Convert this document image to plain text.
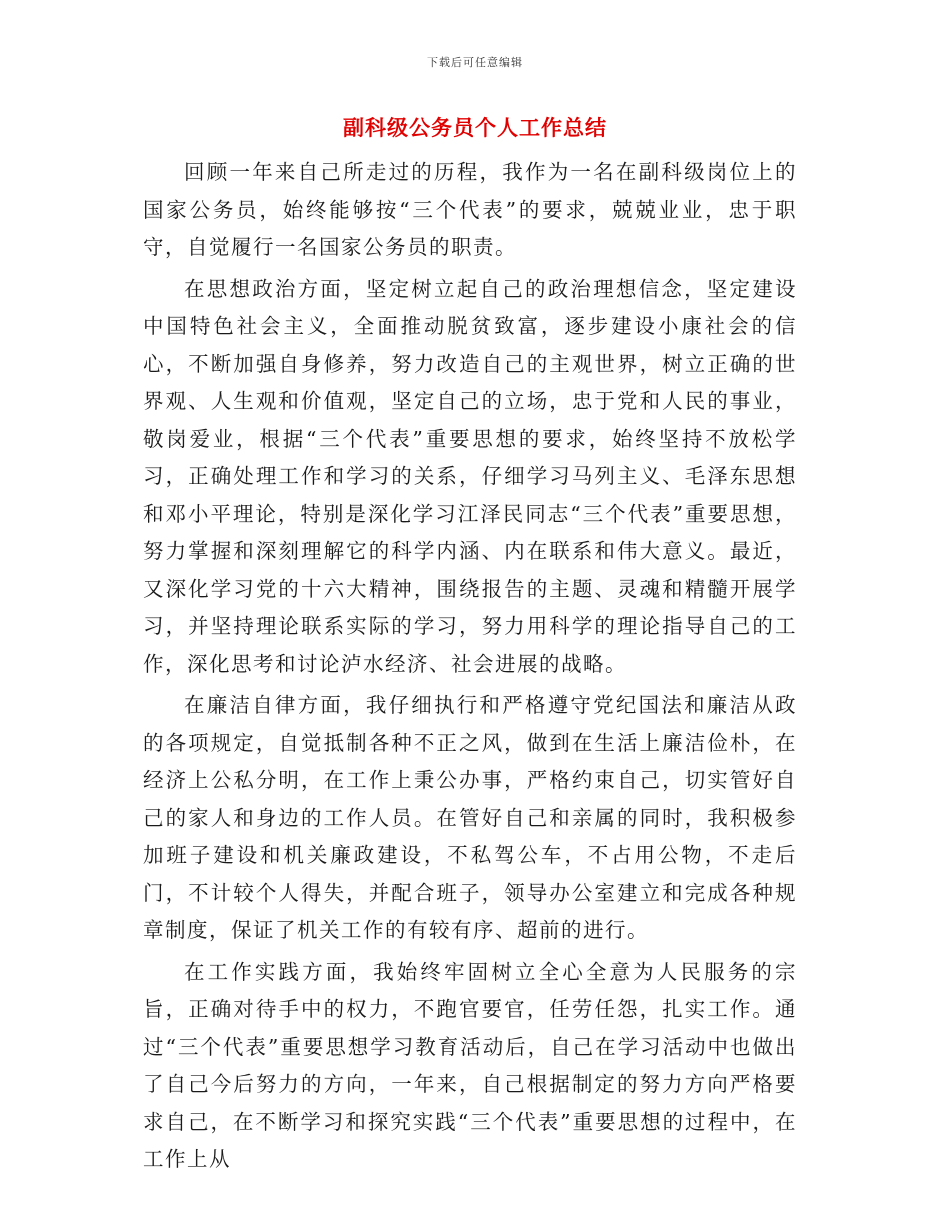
下载后可任意编辑
副科级公务员个人工作总结

回顾一年来自己所走过的历程，我作为一名在副科级岗位上的国家公务员，始终能够按“三个代表”的要求，兢兢业业，忠于职守，自觉履行一名国家公务员的职责。

在思想政治方面，坚定树立起自己的政治理想信念，坚定建设中国特色社会主义，全面推动脱贫致富，逐步建设小康社会的信心，不断加强自身修养，努力改造自己的主观世界，树立正确的世界观、人生观和价值观，坚定自己的立场，忠于党和人民的事业，敬岗爱业，根据“三个代表”重要思想的要求，始终坚持不放松学习，正确处理工作和学习的关系，仔细学习马列主义、毛泽东思想和邓小平理论，特别是深化学习江泽民同志“三个代表”重要思想，努力掌握和深刻理解它的科学内涵、内在联系和伟大意义。最近，又深化学习党的十六大精神，围绕报告的主题、灵魂和精髓开展学习，并坚持理论联系实际的学习，努力用科学的理论指导自己的工作，深化思考和讨论泸水经济、社会进展的战略。

在廉洁自律方面，我仔细执行和严格遵守党纪国法和廉洁从政的各项规定，自觉抵制各种不正之风，做到在生活上廉洁俭朴，在经济上公私分明，在工作上秉公办事，严格约束自己，切实管好自己的家人和身边的工作人员。在管好自己和亲属的同时，我积极参加班子建设和机关廉政建设，不私驾公车，不占用公物，不走后门，不计较个人得失，并配合班子，领导办公室建立和完成各种规章制度，保证了机关工作的有较有序、超前的进行。

在工作实践方面，我始终牢固树立全心全意为人民服务的宗旨，正确对待手中的权力，不跑官要官，任劳任怨，扎实工作。通过“三个代表”重要思想学习教育活动后，自己在学习活动中也做出了自己今后努力的方向，一年来，自己根据制定的努力方向严格要求自己，在不断学习和探究实践“三个代表”重要思想的过程中，在工作上从
